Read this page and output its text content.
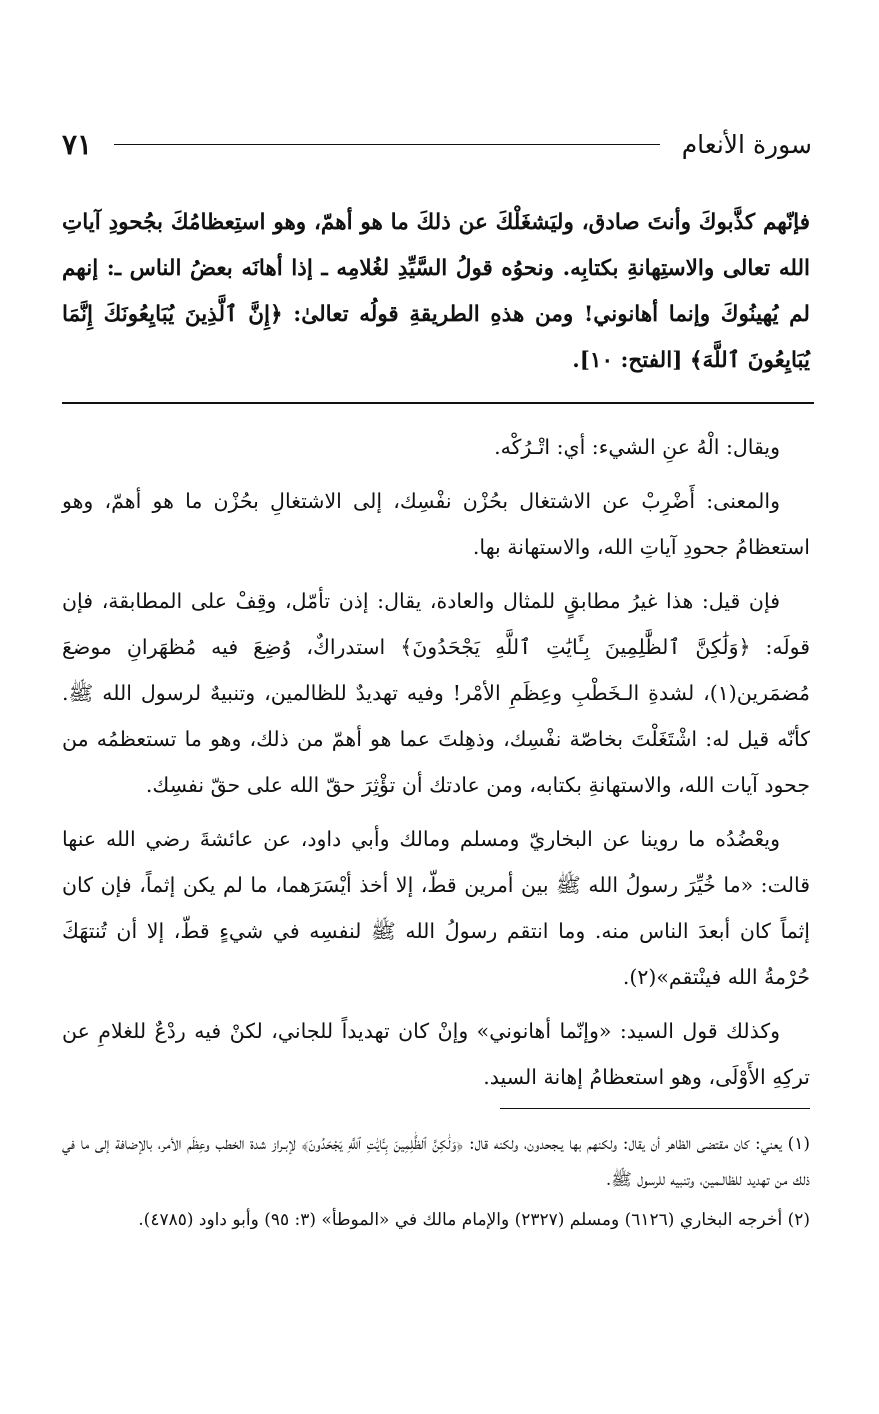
سورة الأنعام
٧١

فإنّهم كذَّبوكَ وأنتَ صادق، وليَشغَلْكَ عن ذلكَ ما هو أهمّ، وهو استِعظامُكَ بجُحودِ آياتِ الله تعالى والاستِهانةِ بكتابِه. ونحوُه قولُ السَّيِّدِ لغُلامِه ـ إذا أهانَه بعضُ الناس ـ: إنهم لم يُهينُوكَ وإنما أهانوني! ومن هذهِ الطريقةِ قولُه تعالىٰ: ﴿إِنَّ ٱلَّذِينَ يُبَايِعُونَكَ إِنَّمَا يُبَايِعُونَ ٱللَّهَ﴾ [الفتح: ١٠].

ويقال: الْهُ عنِ الشيء: أي: اتْـرُكْه.

والمعنى: أَضْرِبْ عن الاشتغال بحُزْن نفْسِك، إلى الاشتغالِ بحُزْن ما هو أهمّ، وهو استعظامُ جحودِ آياتِ الله، والاستهانة بها.

فإن قيل: هذا غيرُ مطابقٍ للمثال والعادة، يقال: إذن تأمّل، وقِفْ على المطابقة، فإن قولَه: ﴿وَلَٰكِنَّ ٱلظَّٰلِمِينَ بِـَٔايَٰتِ ٱللَّهِ يَجْحَدُونَ﴾ استدراكٌ، وُضِعَ فيه مُظهَرانِ موضعَ مُضمَرين(١)، لشدةِ الـخَطْبِ وعِظَمِ الأمْر! وفيه تهديدٌ للظالمين، وتنبيهٌ لرسول الله ﷺ. كأنّه قيل له: اشْتَغَلْتَ بخاصّة نفْسِك، وذهِلتَ عما هو أهمّ من ذلك، وهو ما تستعظمُه من جحود آيات الله، والاستهانةِ بكتابه، ومن عادتك أن تؤْثِرَ حقّ الله على حقّ نفسِك.

ويعْضُدُه ما روينا عن البخاريّ ومسلم ومالك وأبي داود، عن عائشةَ رضي الله عنها قالت: «ما خُيِّرَ رسولُ الله ﷺ بين أمرين قطّ، إلا أخذ أيْسَرَهما، ما لم يكن إثماً، فإن كان إثماً كان أبعدَ الناس منه. وما انتقم رسولُ الله ﷺ لنفسِه في شيءٍ قطّ، إلا أن تُنتهَكَ حُرْمةُ الله فينْتقم»(٢).

وكذلك قول السيد: «وإنّما أهانوني» وإنْ كان تهديداً للجاني، لكنْ فيه ردْعٌ للغلامِ عن تركِهِ الأَوْلَى، وهو استعظامُ إهانة السيد.

(١) يعني: كان مقتضى الظاهر أن يقال: ولكنهم بها يـجحدون، ولكنه قال: ﴿وَلَٰكِنَّ ٱلظَّٰلِمِينَ بِـَٔايَٰتِ ٱللَّهِ يَجْحَدُونَ﴾ لإبـراز شدة الخطب وعِظَم الأمر، بالإضافة إلى ما في ذلك من تهديد للظالـمين، وتنبيه للرسول ﷺ.

(٢) أخرجه البخاري (٦١٢٦) ومسلم (٢٣٢٧) والإمام مالك في «الموطأ» (٣: ٩٥) وأبو داود (٤٧٨٥).
